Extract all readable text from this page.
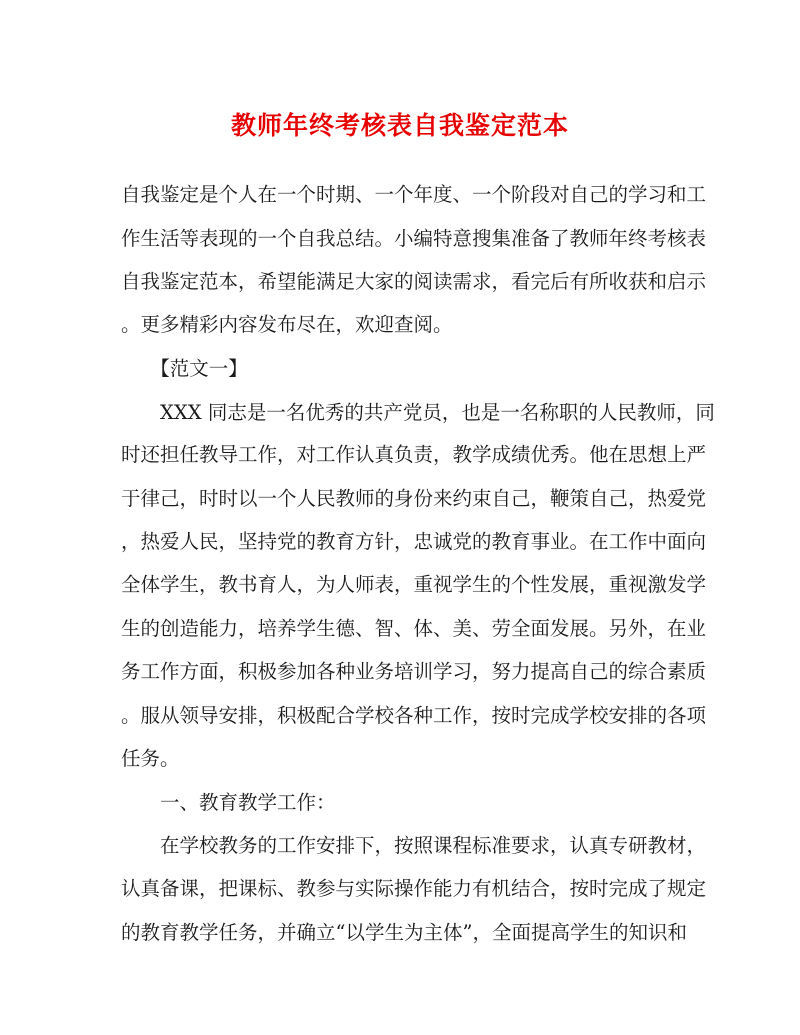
教师年终考核表自我鉴定范本
自我鉴定是个人在一个时期、一个年度、一个阶段对自己的学习和工
作生活等表现的一个自我总结。小编特意搜集准备了教师年终考核表
自我鉴定范本，希望能满足大家的阅读需求，看完后有所收获和启示
。更多精彩内容发布尽在，欢迎查阅。
　　【范文一】
　　XXX 同志是一名优秀的共产党员，也是一名称职的人民教师，同
时还担任教导工作，对工作认真负责，教学成绩优秀。他在思想上严
于律己，时时以一个人民教师的身份来约束自己，鞭策自己，热爱党
，热爱人民，坚持党的教育方针，忠诚党的教育事业。在工作中面向
全体学生，教书育人，为人师表，重视学生的个性发展，重视激发学
生的创造能力，培养学生德、智、体、美、劳全面发展。另外，在业
务工作方面，积极参加各种业务培训学习，努力提高自己的综合素质
。服从领导安排，积极配合学校各种工作，按时完成学校安排的各项
任务。
　　一、教育教学工作：
　　在学校教务的工作安排下，按照课程标准要求，认真专研教材，
认真备课，把课标、教参与实际操作能力有机结合，按时完成了规定
的教育教学任务，并确立“以学生为主体”，全面提高学生的知识和
